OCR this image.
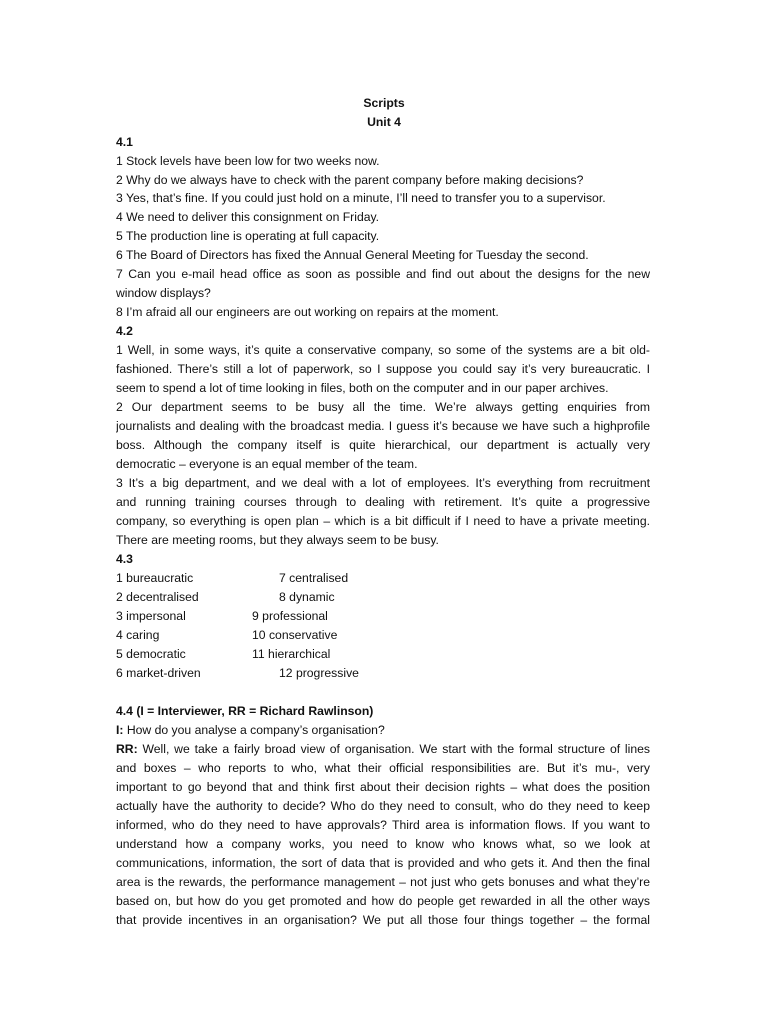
Scripts
Unit 4
4.1
1 Stock levels have been low for two weeks now.
2 Why do we always have to check with the parent company before making decisions?
3 Yes, that’s fine. If you could just hold on a minute, I’ll need to transfer you to a supervisor.
4 We need to deliver this consignment on Friday.
5 The production line is operating at full capacity.
6 The Board of Directors has fixed the Annual General Meeting for Tuesday the second.
7 Can you e-mail head office as soon as possible and find out about the designs for the new
window displays?
8 I’m afraid all our engineers are out working on repairs at the moment.
4.2
1 Well, in some ways, it’s quite a conservative company, so some of the systems are a bit old-
fashioned. There’s still a lot of paperwork, so I suppose you could say it’s very bureaucratic. I
seem to spend a lot of time looking in files, both on the computer and in our paper archives.
2 Our department seems to be busy all the time. We’re always getting enquiries from
journalists and dealing with the broadcast media. I guess it’s because we have such a highprofile
boss. Although the company itself is quite hierarchical, our department is actually very
democratic – everyone is an equal member of the team.
3 It’s a big department, and we deal with a lot of employees. It’s everything from recruitment
and running training courses through to dealing with retirement. It’s quite a progressive
company, so everything is open plan – which is a bit difficult if I need to have a private meeting.
There are meeting rooms, but they always seem to be busy.
4.3
1 bureaucratic	7 centralised
2 decentralised	8 dynamic
3 impersonal	9 professional
4 caring	10 conservative
5 democratic	11 hierarchical
6 market-driven	12 progressive
4.4 (I = Interviewer, RR = Richard Rawlinson)
I: How do you analyse a company’s organisation?
RR: Well, we take a fairly broad view of organisation. We start with the formal structure of lines
and boxes – who reports to who, what their official responsibilities are. But it’s mu-, very
important to go beyond that and think first about their decision rights – what does the position
actually have the authority to decide? Who do they need to consult, who do they need to keep
informed, who do they need to have approvals? Third area is information flows. If you want to
understand how a company works, you need to know who knows what, so we look at
communications, information, the sort of data that is provided and who gets it. And then the final
area is the rewards, the performance management – not just who gets bonuses and what they’re
based on, but how do you get promoted and how do people get rewarded in all the other ways
that provide incentives in an organisation? We put all those four things together – the formal
